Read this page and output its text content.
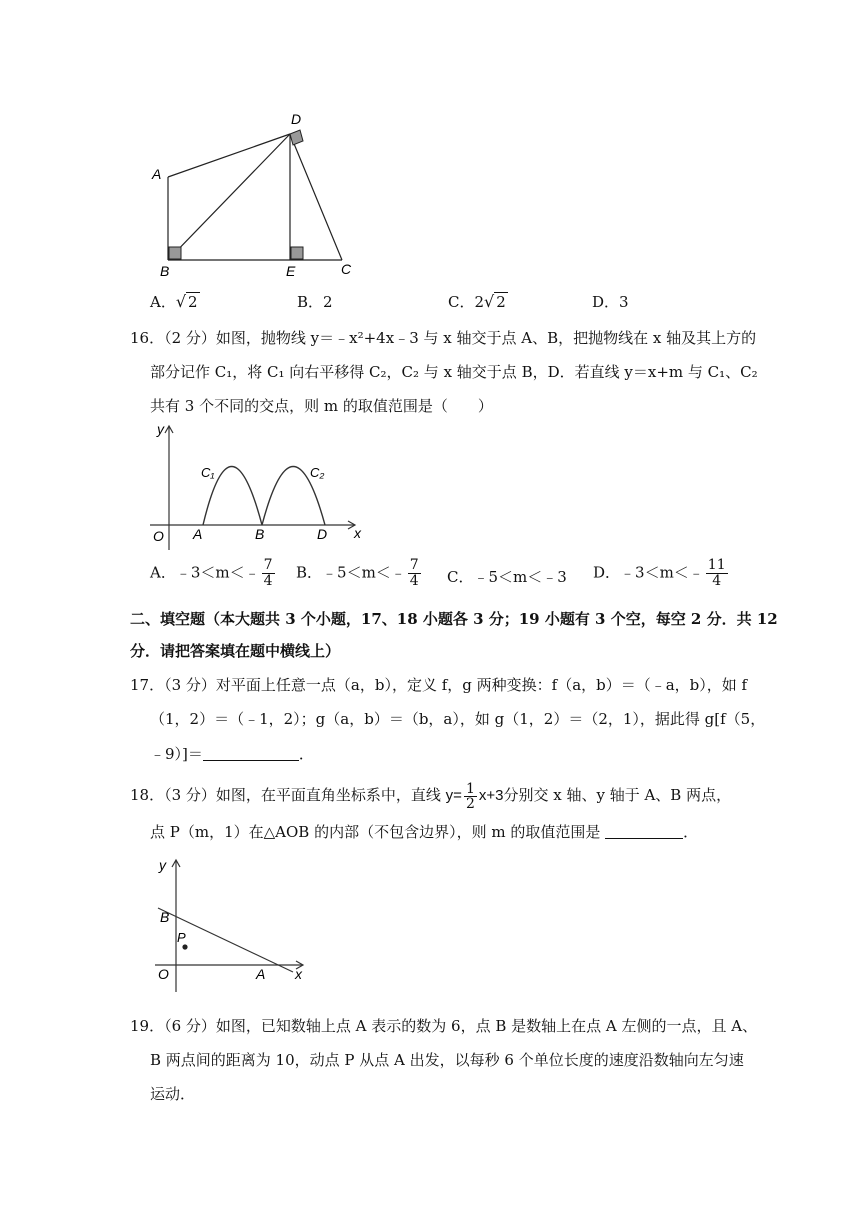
D
A
B	E	C
A．√ 2	B．2	C．2√ 2	D．3
16．（2 分）如图，抛物线 y＝﹣x²+4x﹣3 与 x 轴交于点 A、B，把抛物线在 x 轴及其上方的
部分记作 C₁，将 C₁ 向右平移得 C₂，C₂ 与 x 轴交于点 B，D．若直线 y＝x+m 与 C₁、C₂
共有 3 个不同的交点，则 m 的取值范围是（　　）
y
C₁	C₂
O A	B	D x
A．﹣3＜m＜﹣ $\frac{7}{4}$ B．﹣5＜m＜﹣ $\frac{7}{4}$ C．﹣5＜m＜﹣3 D．﹣3＜m＜﹣ $\frac{11}{4}$
二、填空题（本大题共 3 个小题，17、18 小题各 3 分；19 小题有 3 个空，每空 2 分．共 12
分．请把答案填在题中横线上）
17．（3 分）对平面上任意一点（a，b），定义 f，g 两种变换：f（a，b）＝（﹣a，b），如 f
（1，2）＝（﹣1，2）；g（a，b）＝（b，a），如 g（1，2）＝（2，1），据此得 g[f（5，
﹣9）]＝	．
18．（3 分）如图，在平面直角坐标系中，直线 $y= \frac{1}{2} x+3$分别交 x 轴、y 轴于 A、B 两点，
点 P（m，1）在△AOB 的内部（不包含边界），则 m 的取值范围是	．
y
B
P
O	A x
19．（6 分）如图，已知数轴上点 A 表示的数为 6，点 B 是数轴上在点 A 左侧的一点，且 A、
B 两点间的距离为 10，动点 P 从点 A 出发，以每秒 6 个单位长度的速度沿数轴向左匀速
运动．
